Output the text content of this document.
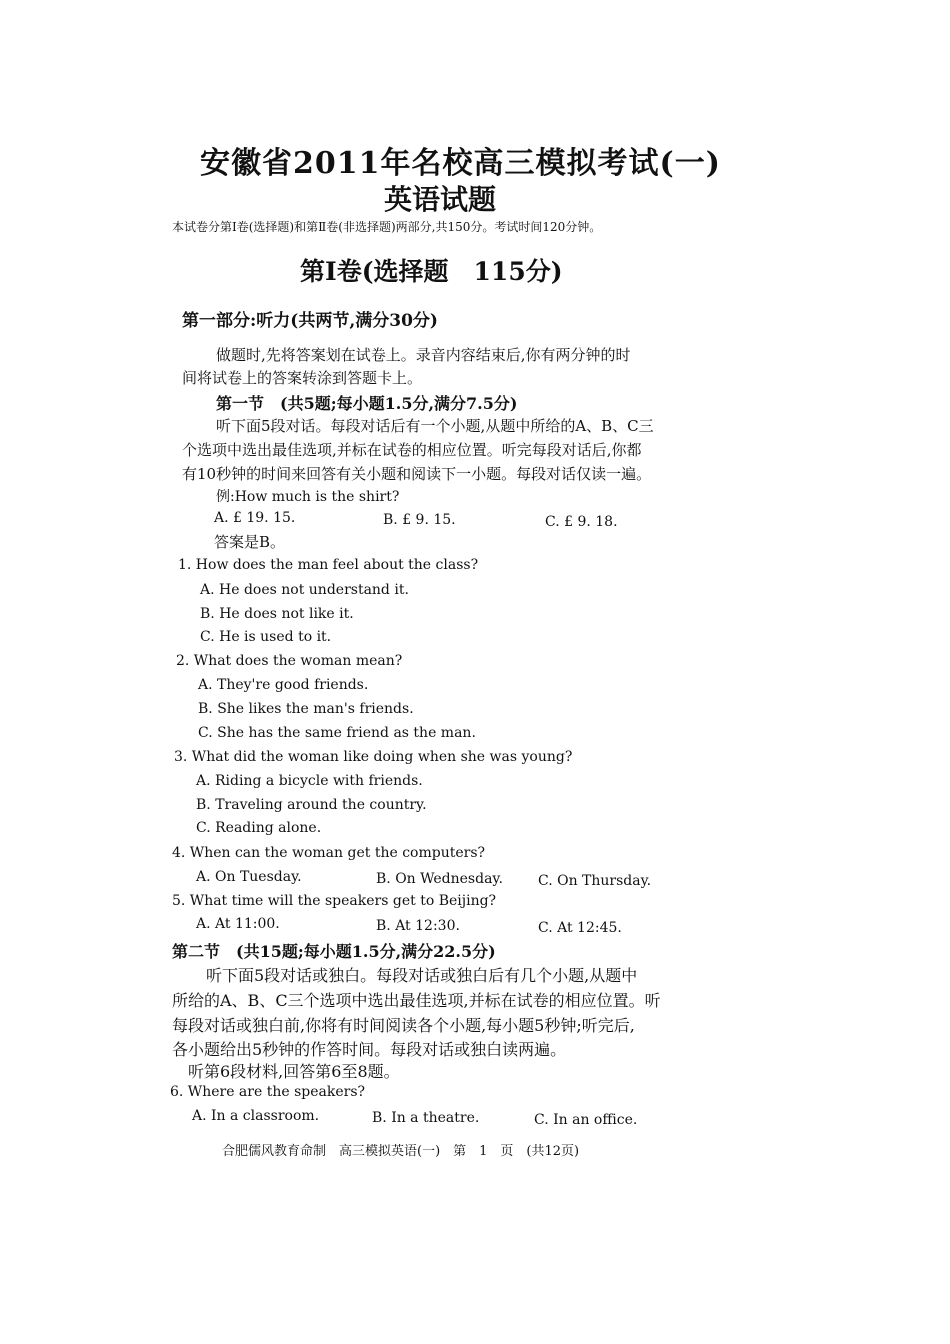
安徽省2011年名校高三模拟考试(一)
英语试题
本试卷分第Ⅰ卷(选择题)和第Ⅱ卷(非选择题)两部分,共150分。考试时间120分钟。
第Ⅰ卷(选择题　115分)
第一部分:听力(共两节,满分30分)
做题时,先将答案划在试卷上。录音内容结束后,你有两分钟的时
间将试卷上的答案转涂到答题卡上。
第一节　(共5题;每小题1.5分,满分7.5分)
听下面5段对话。每段对话后有一个小题,从题中所给的A、B、C三
个选项中选出最佳选项,并标在试卷的相应位置。听完每段对话后,你都
有10秒钟的时间来回答有关小题和阅读下一小题。每段对话仅读一遍。
例:How much is the shirt?
A. £ 19. 15.	B. £ 9. 15.	C. £ 9. 18.
答案是B。
1. How does the man feel about the class?
A. He does not understand it.
B. He does not like it.
C. He is used to it.
2. What does the woman mean?
A. They're good friends.
B. She likes the man's friends.
C. She has the same friend as the man.
3. What did the woman like doing when she was young?
A. Riding a bicycle with friends.
B. Traveling around the country.
C. Reading alone.
4. When can the woman get the computers?
A. On Tuesday.	B. On Wednesday.	C. On Thursday.
5. What time will the speakers get to Beijing?
A. At 11:00.	B. At 12:30.	C. At 12:45.
第二节　(共15题;每小题1.5分,满分22.5分)
听下面5段对话或独白。每段对话或独白后有几个小题,从题中
所给的A、B、C三个选项中选出最佳选项,并标在试卷的相应位置。听
每段对话或独白前,你将有时间阅读各个小题,每小题5秒钟;听完后,
各小题给出5秒钟的作答时间。每段对话或独白读两遍。
听第6段材料,回答第6至8题。
6. Where are the speakers?
A. In a classroom.	B. In a theatre.	C. In an office.
合肥儒风教育命制　高三模拟英语(一)　第　1　页　(共12页)
